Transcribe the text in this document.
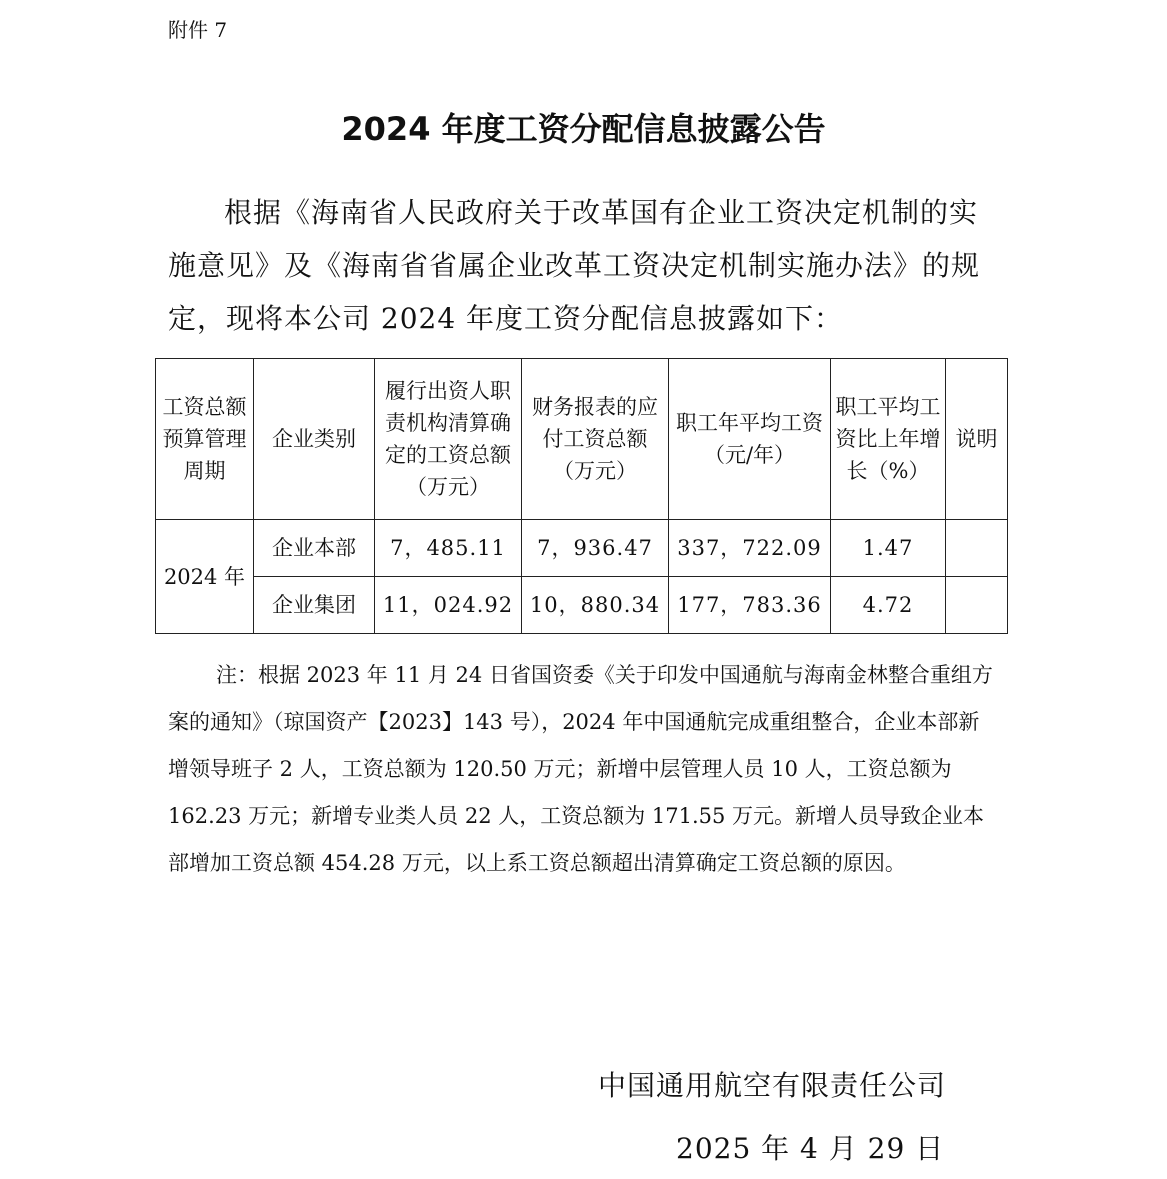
附件 7
2024 年度工资分配信息披露公告
根据《海南省人民政府关于改革国有企业工资决定机制的实施意见》及《海南省省属企业改革工资决定机制实施办法》的规定，现将本公司 2024 年度工资分配信息披露如下：
工资总额预算管理周期	企业类别	履行出资人职责机构清算确定的工资总额（万元）	财务报表的应付工资总额（万元）	职工年平均工资（元/年）	职工平均工资比上年增长（%）	说明
2024 年	企业本部	7，485.11	7，936.47	337，722.09	1.47	
	企业集团	11，024.92	10，880.34	177，783.36	4.72	
注：根据 2023 年 11 月 24 日省国资委《关于印发中国通航与海南金林整合重组方案的通知》（琼国资产【2023】143 号），2024 年中国通航完成重组整合，企业本部新增领导班子 2 人，工资总额为 120.50 万元；新增中层管理人员 10 人，工资总额为 162.23 万元；新增专业类人员 22 人，工资总额为 171.55 万元。新增人员导致企业本部增加工资总额 454.28 万元，以上系工资总额超出清算确定工资总额的原因。
中国通用航空有限责任公司
2025 年 4 月 29 日
